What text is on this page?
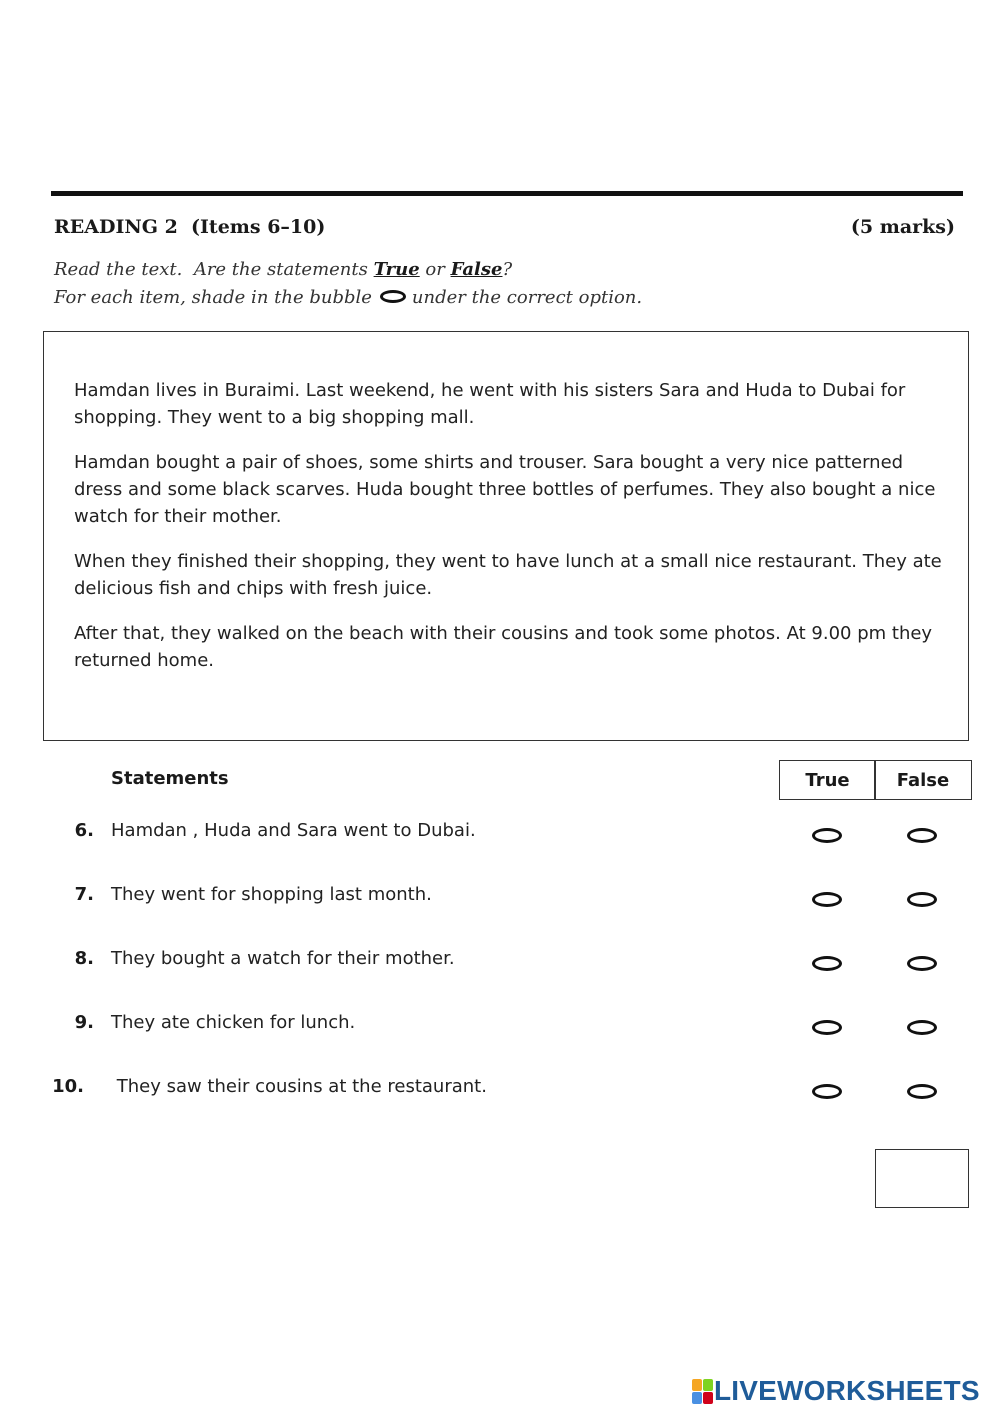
READING 2  (Items 6–10)	(5 marks)
Read the text.  Are the statements True or False?
For each item, shade in the bubble under the correct option.
Hamdan lives in Buraimi. Last weekend, he went with his sisters Sara and Huda to Dubai for shopping. They went to a big shopping mall.
Hamdan bought a pair of shoes, some shirts and trouser. Sara bought a very nice patterned dress and some black scarves. Huda bought three bottles of perfumes. They also bought a nice watch for their mother.
When they finished their shopping, they went to have lunch at a small nice restaurant. They ate delicious fish and chips with fresh juice.
After that, they walked on the beach with their cousins and took some photos. At 9.00 pm they returned home.
Statements	True	False
6. Hamdan , Huda and Sara went to Dubai.
7. They went for shopping last month.
8. They bought a watch for their mother.
9. They ate chicken for lunch.
10. They saw their cousins at the restaurant.
LIVEWORKSHEETS
